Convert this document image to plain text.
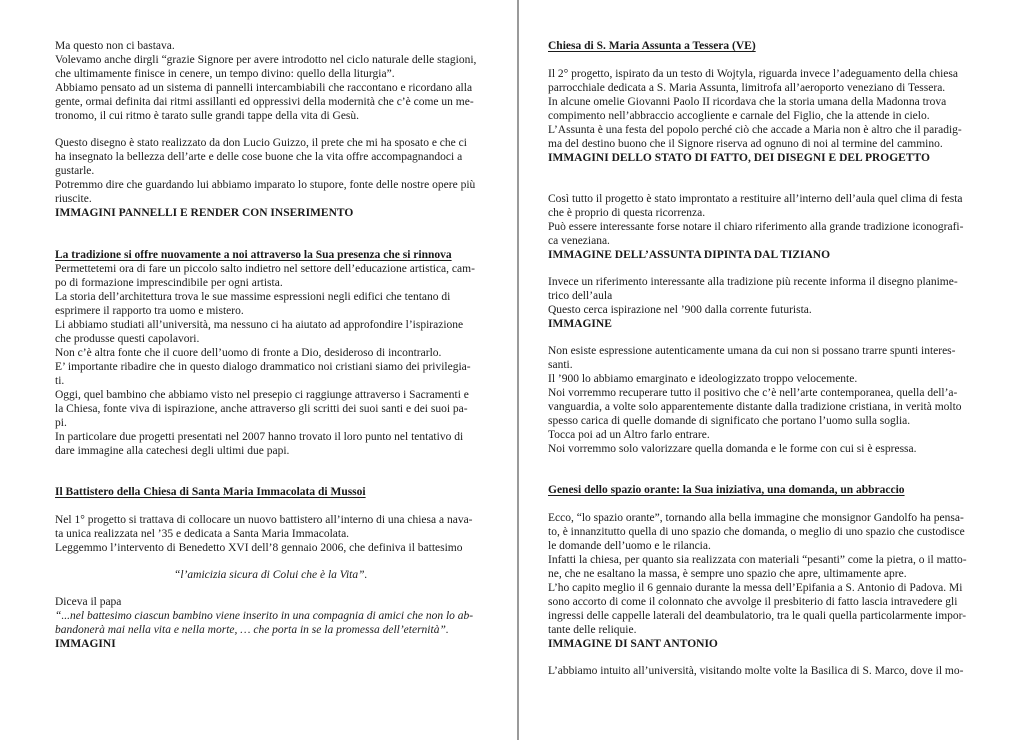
Ma questo non ci bastava.
Volevamo anche dirgli “grazie Signore per avere introdotto nel ciclo naturale delle stagioni,
che ultimamente finisce in cenere, un tempo divino: quello della liturgia”.
Abbiamo pensato ad un sistema di pannelli intercambiabili che raccontano e ricordano alla
gente, ormai definita dai ritmi assillanti ed oppressivi della modernità che c’è come un me-
tronomo, il cui ritmo è tarato sulle grandi tappe della vita di Gesù.
Questo disegno è stato realizzato da don Lucio Guizzo, il prete che mi ha sposato e che ci
ha insegnato la bellezza dell’arte e delle cose buone che la vita offre accompagnandoci a
gustarle.
Potremmo dire che guardando lui abbiamo imparato lo stupore, fonte delle nostre opere più
riuscite.
IMMAGINI PANNELLI E RENDER CON INSERIMENTO
La tradizione si offre nuovamente a noi attraverso la Sua presenza che si rinnova
Permettetemi ora di fare un piccolo salto indietro nel settore dell’educazione artistica, cam-
po di formazione imprescindibile per ogni artista.
La storia dell’architettura trova le sue massime espressioni negli edifici che tentano di
esprimere il rapporto tra uomo e mistero.
Li abbiamo studiati all’università, ma nessuno ci ha aiutato ad approfondire l’ispirazione
che produsse questi capolavori.
Non c’è altra fonte che il cuore dell’uomo di fronte a Dio, desideroso di incontrarlo.
E’ importante ribadire che in questo dialogo drammatico noi cristiani siamo dei privilegia-
ti.
Oggi, quel bambino che abbiamo visto nel presepio ci raggiunge attraverso i Sacramenti e
la Chiesa, fonte viva di ispirazione, anche attraverso gli scritti dei suoi santi e dei suoi pa-
pi.
In particolare due progetti presentati nel 2007 hanno trovato il loro punto nel tentativo di
dare immagine alla catechesi degli ultimi due papi.
Il Battistero della Chiesa di Santa Maria Immacolata di Mussoi
Nel 1° progetto si trattava di collocare un nuovo battistero all’interno di una chiesa a nava-
ta unica realizzata nel ’35 e dedicata a Santa Maria Immacolata.
Leggemmo l’intervento di Benedetto XVI dell’8 gennaio 2006, che definiva il battesimo
“l’amicizia sicura di Colui che è la Vita”.
Diceva il papa
“...nel battesimo ciascun bambino viene inserito in una compagnia di amici che non lo ab-
bandonerà mai nella vita e nella morte, … che porta in se la promessa dell’eternità”.
IMMAGINI
Chiesa di S. Maria Assunta a Tessera (VE)
Il 2° progetto, ispirato da un testo di Wojtyla, riguarda invece l’adeguamento della chiesa
parrocchiale dedicata a S. Maria Assunta, limitrofa all’aeroporto veneziano di Tessera.
In alcune omelie Giovanni Paolo II ricordava che la storia umana della Madonna trova
compimento nell’abbraccio accogliente e carnale del Figlio, che la attende in cielo.
L’Assunta è una festa del popolo perché ciò che accade a Maria non è altro che il paradig-
ma del destino buono che il Signore riserva ad ognuno di noi al termine del cammino.
IMMAGINI DELLO STATO DI FATTO, DEI DISEGNI E DEL PROGETTO
Così tutto il progetto è stato improntato a restituire all’interno dell’aula quel clima di festa
che è proprio di questa ricorrenza.
Può essere interessante forse notare il chiaro riferimento alla grande tradizione iconografi-
ca veneziana.
IMMAGINE DELL’ASSUNTA DIPINTA DAL TIZIANO
Invece un riferimento interessante alla tradizione più recente informa il disegno planime-
trico dell’aula
Questo cerca ispirazione nel ’900 dalla corrente futurista.
IMMAGINE
Non esiste espressione autenticamente umana da cui non si possano trarre spunti interes-
santi.
Il ’900 lo abbiamo emarginato e ideologizzato troppo velocemente.
Noi vorremmo recuperare tutto il positivo che c’è nell’arte contemporanea, quella dell’a-
vanguardia, a volte solo apparentemente distante dalla tradizione cristiana, in verità molto
spesso carica di quelle domande di significato che portano l’uomo sulla soglia.
Tocca poi ad un Altro farlo entrare.
Noi vorremmo solo valorizzare quella domanda e le forme con cui si è espressa.
Genesi dello spazio orante: la Sua iniziativa, una domanda, un abbraccio
Ecco, “lo spazio orante”, tornando alla bella immagine che monsignor Gandolfo ha pensa-
to, è innanzitutto quella di uno spazio che domanda, o meglio di uno spazio che custodisce
le domande dell’uomo e le rilancia.
Infatti la chiesa, per quanto sia realizzata con materiali “pesanti” come la pietra, o il matto-
ne, che ne esaltano la massa, è sempre uno spazio che apre, ultimamente apre.
L’ho capito meglio il 6 gennaio durante la messa dell’Epifania a S. Antonio di Padova. Mi
sono accorto di come il colonnato che avvolge il presbiterio di fatto lascia intravedere gli
ingressi delle cappelle laterali del deambulatorio, tra le quali quella particolarmente impor-
tante delle reliquie.
IMMAGINE DI SANT ANTONIO
L’abbiamo intuito all’università, visitando molte volte la Basilica di S. Marco, dove il mo-
